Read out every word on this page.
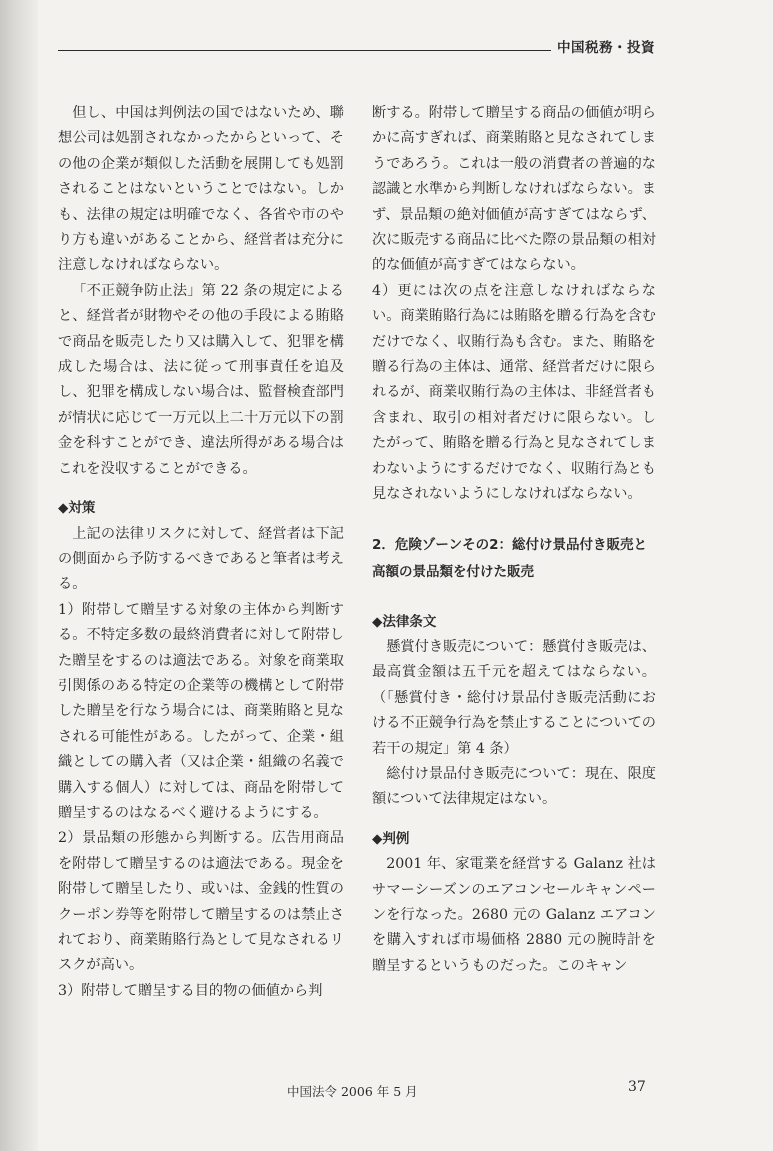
中国税務・投資

但し、中国は判例法の国ではないため、聯想公司は処罰されなかったからといって、その他の企業が類似した活動を展開しても処罰されることはないということではない。しかも、法律の規定は明確でなく、各省や市のやり方も違いがあることから、経営者は充分に注意しなければならない。

「不正競争防止法」第 22 条の規定によると、経営者が財物やその他の手段による賄賂で商品を販売したり又は購入して、犯罪を構成した場合は、法に従って刑事責任を追及し、犯罪を構成しない場合は、監督検査部門が情状に応じて一万元以上二十万元以下の罰金を科すことができ、違法所得がある場合はこれを没収することができる。

◆対策

上記の法律リスクに対して、経営者は下記の側面から予防するべきであると筆者は考える。

1）附帯して贈呈する対象の主体から判断する。不特定多数の最終消費者に対して附帯した贈呈をするのは適法である。対象を商業取引関係のある特定の企業等の機構として附帯した贈呈を行なう場合には、商業賄賂と見なされる可能性がある。したがって、企業・組織としての購入者（又は企業・組織の名義で購入する個人）に対しては、商品を附帯して贈呈するのはなるべく避けるようにする。

2）景品類の形態から判断する。広告用商品を附帯して贈呈するのは適法である。現金を附帯して贈呈したり、或いは、金銭的性質のクーポン券等を附帯して贈呈するのは禁止されており、商業賄賂行為として見なされるリスクが高い。

3）附帯して贈呈する目的物の価値から判

断する。附帯して贈呈する商品の価値が明らかに高すぎれば、商業賄賂と見なされてしまうであろう。これは一般の消費者の普遍的な認識と水準から判断しなければならない。まず、景品類の絶対価値が高すぎてはならず、次に販売する商品に比べた際の景品類の相対的な価値が高すぎてはならない。

4）更には次の点を注意しなければならない。商業賄賂行為には賄賂を贈る行為を含むだけでなく、収賄行為も含む。また、賄賂を贈る行為の主体は、通常、経営者だけに限られるが、商業収賄行為の主体は、非経営者も含まれ、取引の相対者だけに限らない。したがって、賄賂を贈る行為と見なされてしまわないようにするだけでなく、収賄行為とも見なされないようにしなければならない。

2．危険ゾーンその2：総付け景品付き販売と高額の景品類を付けた販売

◆法律条文

懸賞付き販売について：懸賞付き販売は、最高賞金額は五千元を超えてはならない。（「懸賞付き・総付け景品付き販売活動における不正競争行為を禁止することについての若干の規定」第 4 条）

総付け景品付き販売について：現在、限度額について法律規定はない。

◆判例

2001 年、家電業を経営する Galanz 社はサマーシーズンのエアコンセールキャンペーンを行なった。2680 元の Galanz エアコンを購入すれば市場価格 2880 元の腕時計を贈呈するというものだった。このキャン

中国法令 2006 年 5 月	37
